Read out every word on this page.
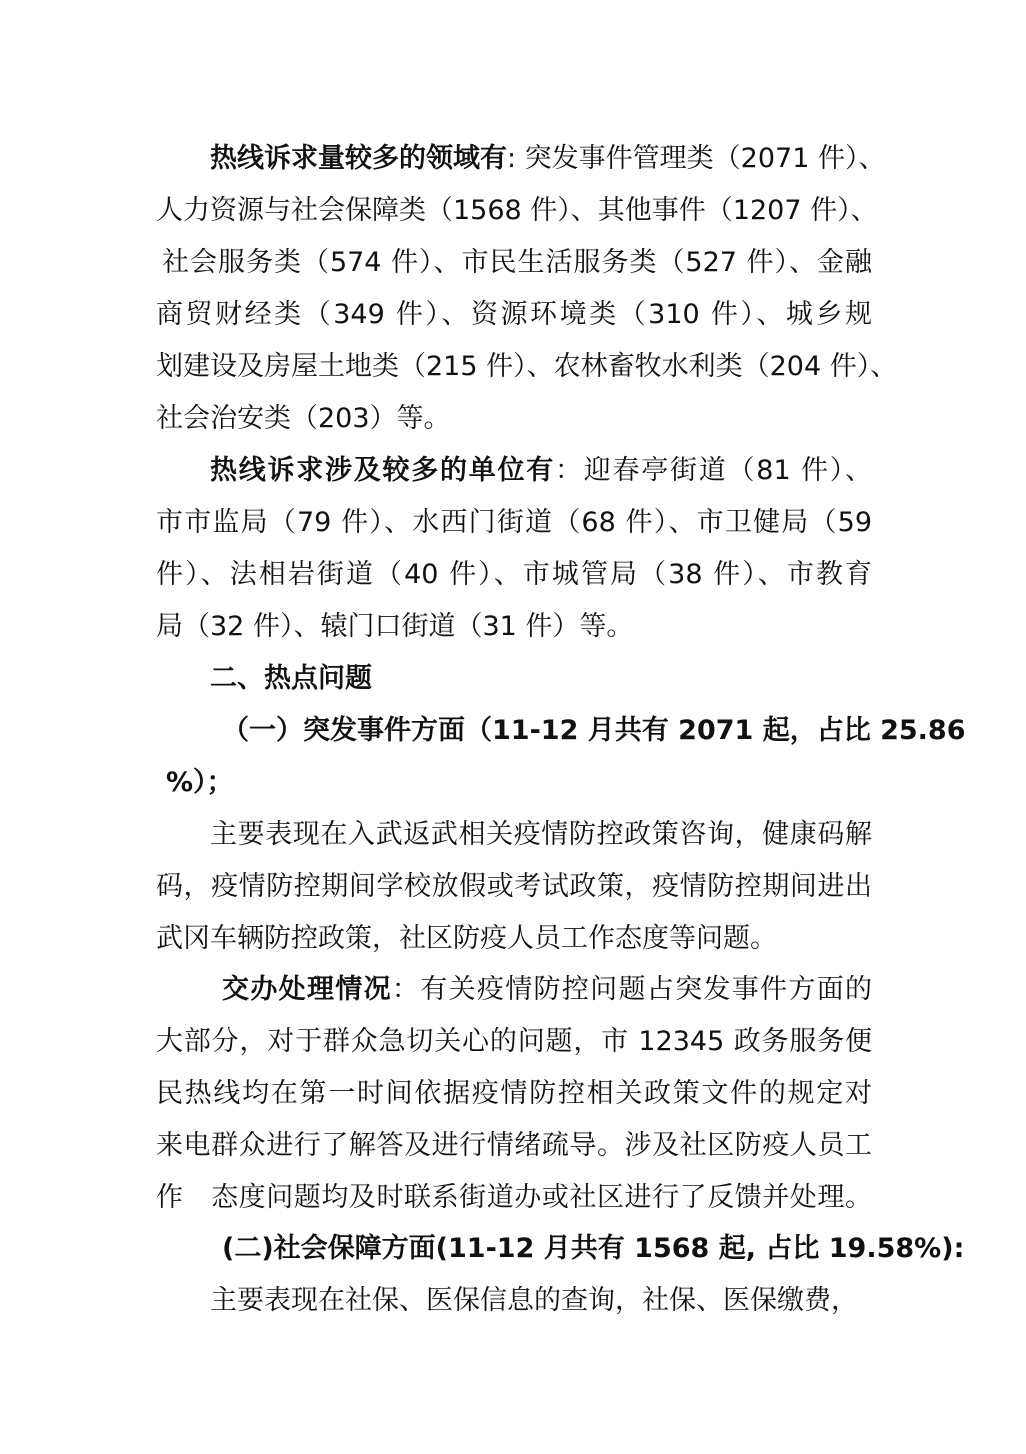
热线诉求量较多的领域有: 突发事件管理类（2071 件）、
人力资源与社会保障类（1568 件）、其他事件（1207 件）、
社会服务类（574 件）、市民生活服务类（527 件）、金融
商贸财经类（349 件）、资源环境类（310 件）、城乡规
划建设及房屋土地类（215 件）、农林畜牧水利类（204 件）、
社会治安类（203）等。
热线诉求涉及较多的单位有：迎春亭街道（81 件）、
市市监局（79 件）、水西门街道（68 件）、市卫健局（59
件）、法相岩街道（40 件）、市城管局（38 件）、市教育
局（32 件）、辕门口街道（31 件）等。
二、热点问题
（一）突发事件方面（11-12 月共有 2071 起，占比 25.86
%）；
主要表现在入武返武相关疫情防控政策咨询，健康码解
码，疫情防控期间学校放假或考试政策，疫情防控期间进出
武冈车辆防控政策，社区防疫人员工作态度等问题。
交办处理情况：有关疫情防控问题占突发事件方面的
大部分，对于群众急切关心的问题，市 12345 政务服务便
民热线均在第一时间依据疫情防控相关政策文件的规定对
来电群众进行了解答及进行情绪疏导。涉及社区防疫人员工
作　态度问题均及时联系街道办或社区进行了反馈并处理。
(二)社会保障方面(11-12 月共有 1568 起, 占比 19.58%):
主要表现在社保、医保信息的查询，社保、医保缴费，
